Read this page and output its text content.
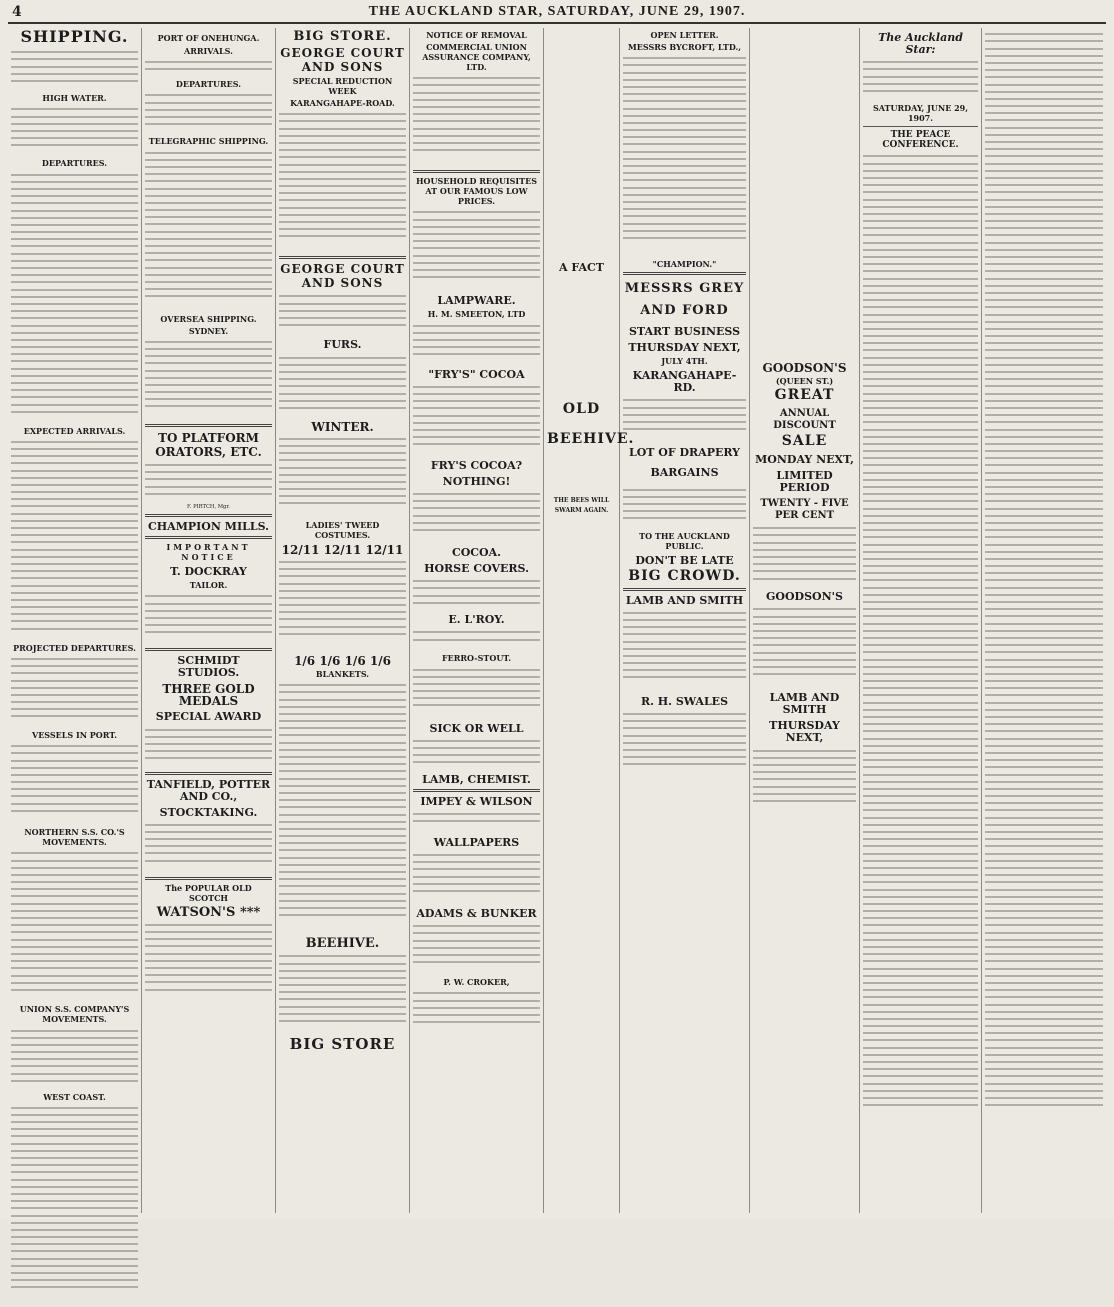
4	THE AUCKLAND STAR, SATURDAY, JUNE 29, 1907.
SHIPPING.
HIGH WATER.
DEPARTURES.
EXPECTED ARRIVALS.
PROJECTED DEPARTURES.
VESSELS IN PORT.
NORTHERN S.S. CO.'S MOVEMENTS.
UNION S.S. COMPANY'S MOVEMENTS.
WEST COAST.
PORT OF ONEHUNGA.
ARRIVALS.
DEPARTURES.
TELEGRAPHIC SHIPPING.
OVERSEA SHIPPING.
SYDNEY.
TO PLATFORM ORATORS, ETC.
F. PIRTCH, Mgr.
CHAMPION MILLS.
IMPORTANT NOTICE
T. DOCKRAY
TAILOR.
SCHMIDT STUDIOS.
THREE GOLD MEDALS
SPECIAL AWARD
TANFIELD, POTTER AND CO.,
STOCKTAKING.
The POPULAR OLD SCOTCH
WATSON'S ***
BIG STORE.
GEORGE COURT AND SONS
SPECIAL REDUCTION WEEK
KARANGAHAPE-ROAD.
GEORGE COURT AND SONS
FURS.
WINTER.
LADIES' TWEED COSTUMES.
12/11 12/11 12/11
1/6 1/6 1/6 1/6
BLANKETS.
BEEHIVE.
BIG STORE
NOTICE OF REMOVAL
COMMERCIAL UNION ASSURANCE COMPANY, LTD.
HOUSEHOLD REQUISITES AT OUR FAMOUS LOW PRICES.
LAMPWARE.
H. M. SMEETON, LTD
"FRY'S" COCOA
FRY'S COCOA?
NOTHING!
COCOA.
HORSE COVERS.
E. L'ROY.
FERRO-STOUT.
SICK OR WELL
LAMB, CHEMIST.
IMPEY & WILSON
WALLPAPERS
ADAMS & BUNKER
P. W. CROKER,
A FACT
OLD BEEHIVE.
THE BEES WILL SWARM AGAIN.
OPEN LETTER.
MESSRS BYCROFT, LTD.,
"CHAMPION."
MESSRS GREY AND FORD
START BUSINESS
THURSDAY NEXT,
JULY 4TH.
KARANGAHAPE-RD.
LOT OF DRAPERY BARGAINS
TO THE AUCKLAND PUBLIC.
DON'T BE LATE
BIG CROWD.
LAMB AND SMITH
R. H. SWALES
GOODSON'S
(QUEEN ST.)
GREAT
ANNUAL DISCOUNT
SALE
MONDAY NEXT,
LIMITED PERIOD
TWENTY - FIVE PER CENT
GOODSON'S
LAMB AND SMITH
THURSDAY NEXT,
The Auckland Star:
SATURDAY, JUNE 29, 1907.
THE PEACE CONFERENCE.
